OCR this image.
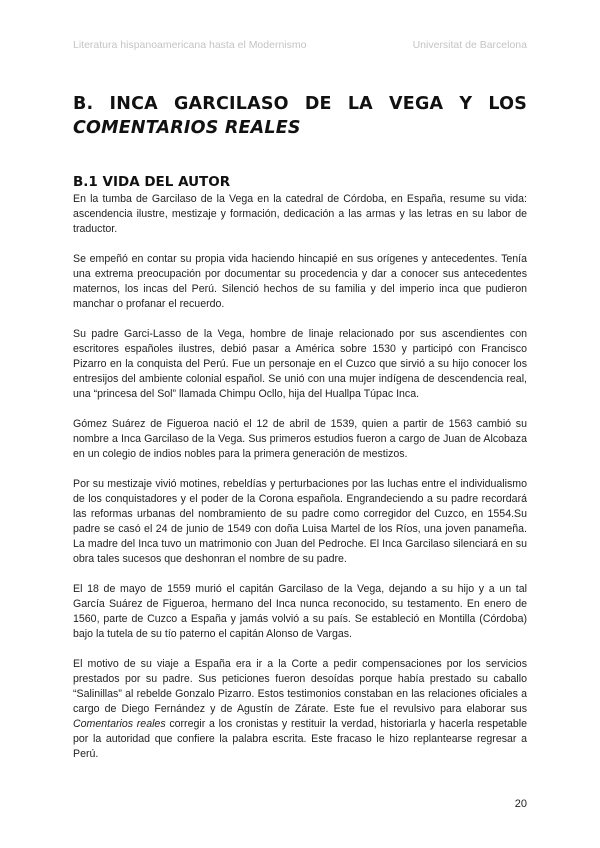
Literatura hispanoamericana hasta el Modernismo	Universitat de Barcelona
B. INCA GARCILASO DE LA VEGA Y LOS
COMENTARIOS REALES
B.1 VIDA DEL AUTOR

En la tumba de Garcilaso de la Vega en la catedral de Córdoba, en España, resume su vida: ascendencia ilustre, mestizaje y formación, dedicación a las armas y las letras en su labor de traductor.

Se empeñó en contar su propia vida haciendo hincapié en sus orígenes y antecedentes. Tenía una extrema preocupación por documentar su procedencia y dar a conocer sus antecedentes maternos, los incas del Perú. Silenció hechos de su familia y del imperio inca que pudieron manchar o profanar el recuerdo.

Su padre Garci-Lasso de la Vega, hombre de linaje relacionado por sus ascendientes con escritores españoles ilustres, debió pasar a América sobre 1530 y participó con Francisco Pizarro en la conquista del Perú. Fue un personaje en el Cuzco que sirvió a su hijo conocer los entresijos del ambiente colonial español. Se unió con una mujer indígena de descendencia real, una “princesa del Sol” llamada Chimpu Ocllo, hija del Huallpa Túpac Inca.

Gómez Suárez de Figueroa nació el 12 de abril de 1539, quien a partir de 1563 cambió su nombre a Inca Garcilaso de la Vega. Sus primeros estudios fueron a cargo de Juan de Alcobaza en un colegio de indios nobles para la primera generación de mestizos.

Por su mestizaje vivió motines, rebeldías y perturbaciones por las luchas entre el individualismo de los conquistadores y el poder de la Corona española. Engrandeciendo a su padre recordará las reformas urbanas del nombramiento de su padre como corregidor del Cuzco, en 1554.Su padre se casó el 24 de junio de 1549 con doña Luisa Martel de los Ríos, una joven panameña. La madre del Inca tuvo un matrimonio con Juan del Pedroche. El Inca Garcilaso silenciará en su obra tales sucesos que deshonran el nombre de su padre.

El 18 de mayo de 1559 murió el capitán Garcilaso de la Vega, dejando a su hijo y a un tal García Suárez de Figueroa, hermano del Inca nunca reconocido, su testamento. En enero de 1560, parte de Cuzco a España y jamás volvió a su país. Se estableció en Montilla (Córdoba) bajo la tutela de su tío paterno el capitán Alonso de Vargas.

El motivo de su viaje a España era ir a la Corte a pedir compensaciones por los servicios prestados por su padre. Sus peticiones fueron desoídas porque había prestado su caballo “Salinillas” al rebelde Gonzalo Pizarro. Estos testimonios constaban en las relaciones oficiales a cargo de Diego Fernández y de Agustín de Zárate. Este fue el revulsivo para elaborar sus Comentarios reales corregir a los cronistas y restituir la verdad, historiarla y hacerla respetable por la autoridad que confiere la palabra escrita. Este fracaso le hizo replantearse regresar a Perú.

20
